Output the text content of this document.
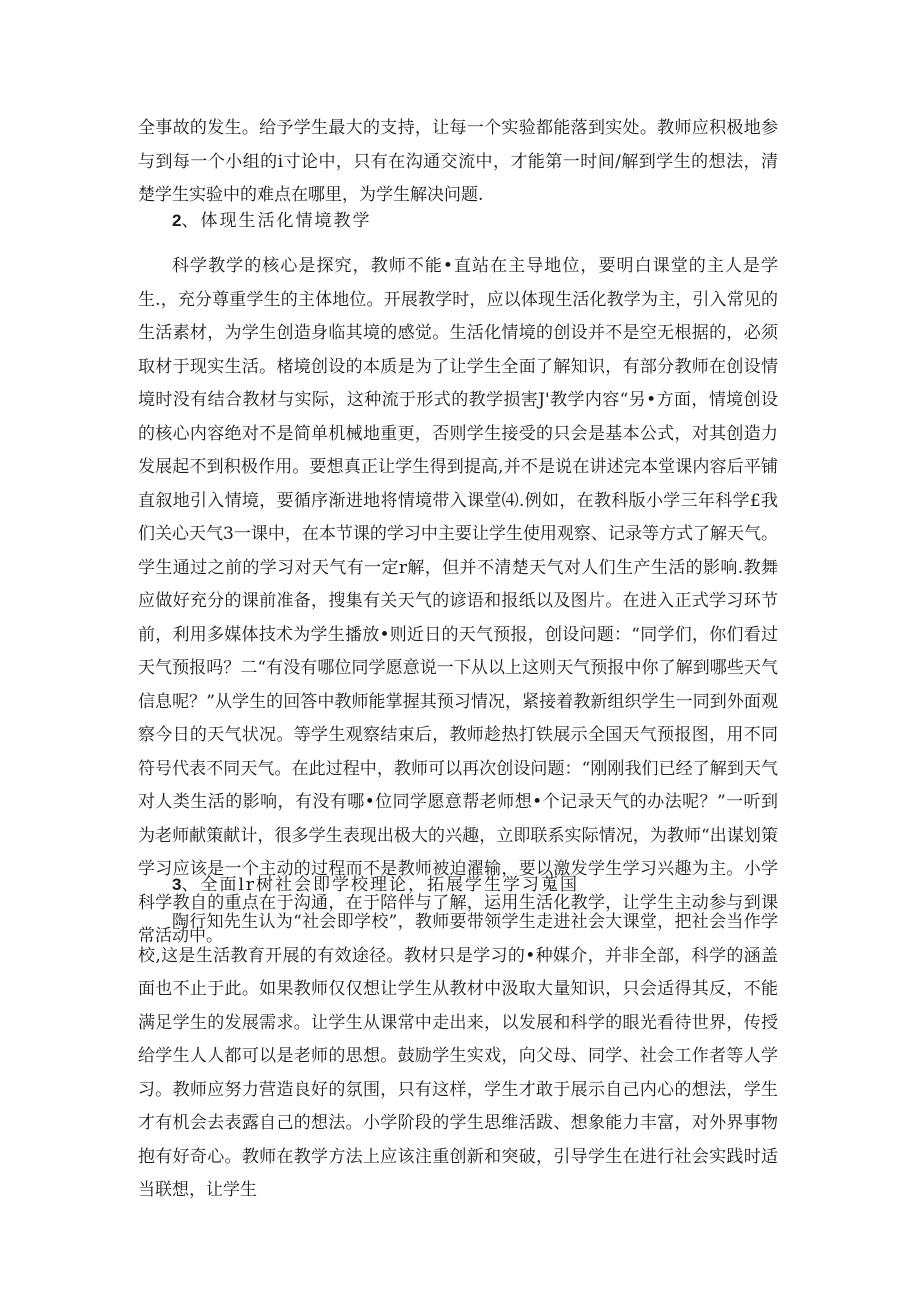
全事故的发生。给予学生最大的支持，让每一个实验都能落到实处。教师应积极地参与到每一个小组的i寸论中，只有在沟通交流中，才能第一时间/解到学生的想法，清楚学生实验中的难点在哪里，为学生解决问题.

2、体现生活化情境教学

科学教学的核心是探究，教师不能•直站在主导地位，要明白课堂的主人是学生.，充分尊重学生的主体地位。开展教学时，应以体现生活化教学为主，引入常见的生活素材，为学生创造身临其境的感觉。生活化情境的创设并不是空无根据的，必须取材于现实生活。楮境创设的本质是为了让学生全面了解知识，有部分教师在创设情境时没有结合教材与实际，这种流于形式的教学损害J'教学内容“另•方面，情境创设的核心内容绝对不是简单机械地重更，否则学生接受的只会是基本公式，对其创造力发展起不到积极作用。要想真正让学生得到提高,并不是说在讲述完本堂课内容后平铺直叙地引入情境，要循序渐进地将情境带入课堂⑷.例如，在教科版小学三年科学£我们关心天气3一课中，在本节课的学习中主要让学生使用观察、记录等方式了解天气。学生通过之前的学习对天气有一定r解，但并不清楚天气对人们生产生活的影响.教舞应做好充分的课前准备，搜集有关天气的谚语和报纸以及图片。在进入正式学习环节前，利用多媒体技术为学生播放•则近日的天气预报，创设问题：“同学们，你们看过天气预报吗？二“有没有哪位同学愿意说一下从以上这则天气预报中你了解到哪些天气信息呢？”从学生的回答中教师能掌握其预习情况，紧接着教新组织学生一同到外面观察今日的天气状况。等学生观察结束后，教师趁热打铁展示全国天气预报图，用不同符号代表不同天气。在此过程中，教师可以再次创设问题：“刚刚我们已经了解到天气对人类生活的影响，有没有哪•位同学愿意帮老师想•个记录天气的办法呢？”一听到为老师献策献计，很多学生表现出极大的兴趣，立即联系实际情况，为教师“出谋划策学习应该是一个主动的过程而不是教师被迫濯输，要以激发学生学习兴趣为主。小学科学教自的重点在于沟通，在于陪伴与了解，运用生活化教学，让学生主动参与到课常活动中。

3、全面lr树社会即学校理论，拓展学生学习蒐国

陶行知先生认为“社会即学校”，教师要带领学生走进社会大课堂，把社会当作学校,这是生活教育开展的有效途径。教材只是学习的•种媒介，并非全部，科学的涵盖面也不止于此。如果教师仅仅想让学生从教材中汲取大量知识，只会适得其反，不能满足学生的发展需求。让学生从课常中走出来，以发展和科学的眼光看待世界，传授给学生人人都可以是老师的思想。鼓励学生实戏，向父母、同学、社会工作者等人学习。教师应努力营造良好的氛围，只有这样，学生才敢于展示自己内心的想法，学生才有机会去表露自己的想法。小学阶段的学生思维活跋、想象能力丰富，对外界事物抱有好奇心。教师在教学方法上应该注重创新和突破，引导学生在进行社会实践时适当联想，让学生
